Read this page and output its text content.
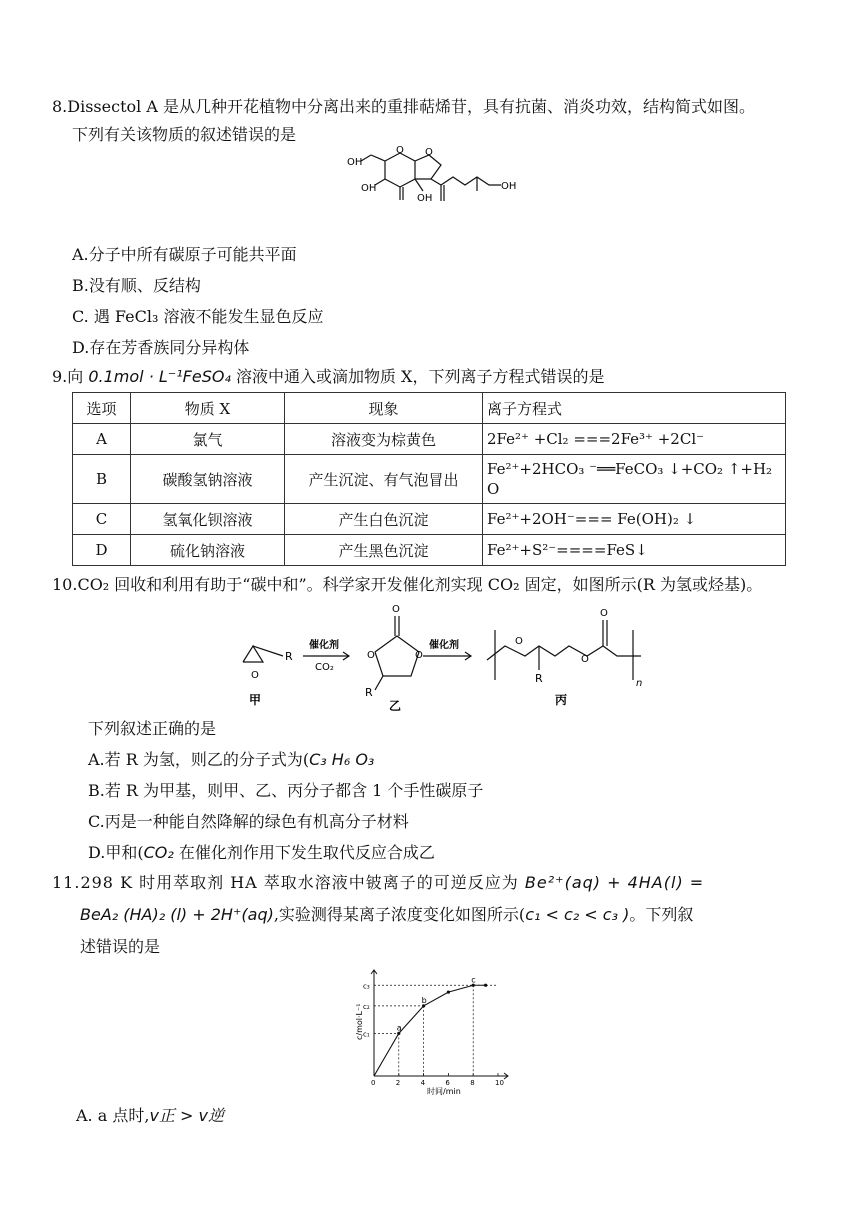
8.Dissectol A 是从几种开花植物中分离出来的重排萜烯苷，具有抗菌、消炎功效，结构简式如图。
下列有关该物质的叙述错误的是
OH
OH
OH
OH
O O
A.分子中所有碳原子可能共平面
B.没有顺、反结构
C. 遇 FeCl₃ 溶液不能发生显色反应
D.存在芳香族同分异构体
9.向 0.1mol · L⁻¹FeSO₄ 溶液中通入或滴加物质 X，下列离子方程式错误的是
选项	物质 X	现象	离子方程式
A	氯气	溶液变为棕黄色	2Fe²⁺ +Cl₂ ===2Fe³⁺ +2Cl⁻
B	碳酸氢钠溶液	产生沉淀、有气泡冒出	Fe²⁺+2HCO₃ ⁻══FeCO₃ ↓+CO₂ ↑+H₂O
C	氢氧化钡溶液	产生白色沉淀	Fe²⁺+2OH⁻=== Fe(OH)₂ ↓
D	硫化钠溶液	产生黑色沉淀	Fe²⁺+S²⁻====FeS↓
10.CO₂ 回收和利用有助于“碳中和”。科学家开发催化剂实现 CO₂ 固定，如图所示(R 为氢或烃基)。
O
R
催化剂
CO₂
O
O	O
R
催化剂	O
O
O
R	n
甲	乙	丙
下列叙述正确的是
A.若 R 为氢，则乙的分子式为(C₃ H₆ O₃
B.若 R 为甲基，则甲、乙、丙分子都含 1 个手性碳原子
C.丙是一种能自然降解的绿色有机高分子材料
D.甲和(CO₂ 在催化剂作用下发生取代反应合成乙
11.298 K 时用萃取剂 HA 萃取水溶液中铍离子的可逆反应为 Be²⁺(aq) + 4HA(l) =
BeA₂ (HA)₂ (l) + 2H⁺(aq),实验测得某离子浓度变化如图所示(c₁ < c₂ < c₃ )。下列叙
述错误的是
0	2	4	6	8	10
c₁
c₂
c₃
a
b
c
时间/min
c/mol·L⁻¹
A. a 点时,v正 > v逆
